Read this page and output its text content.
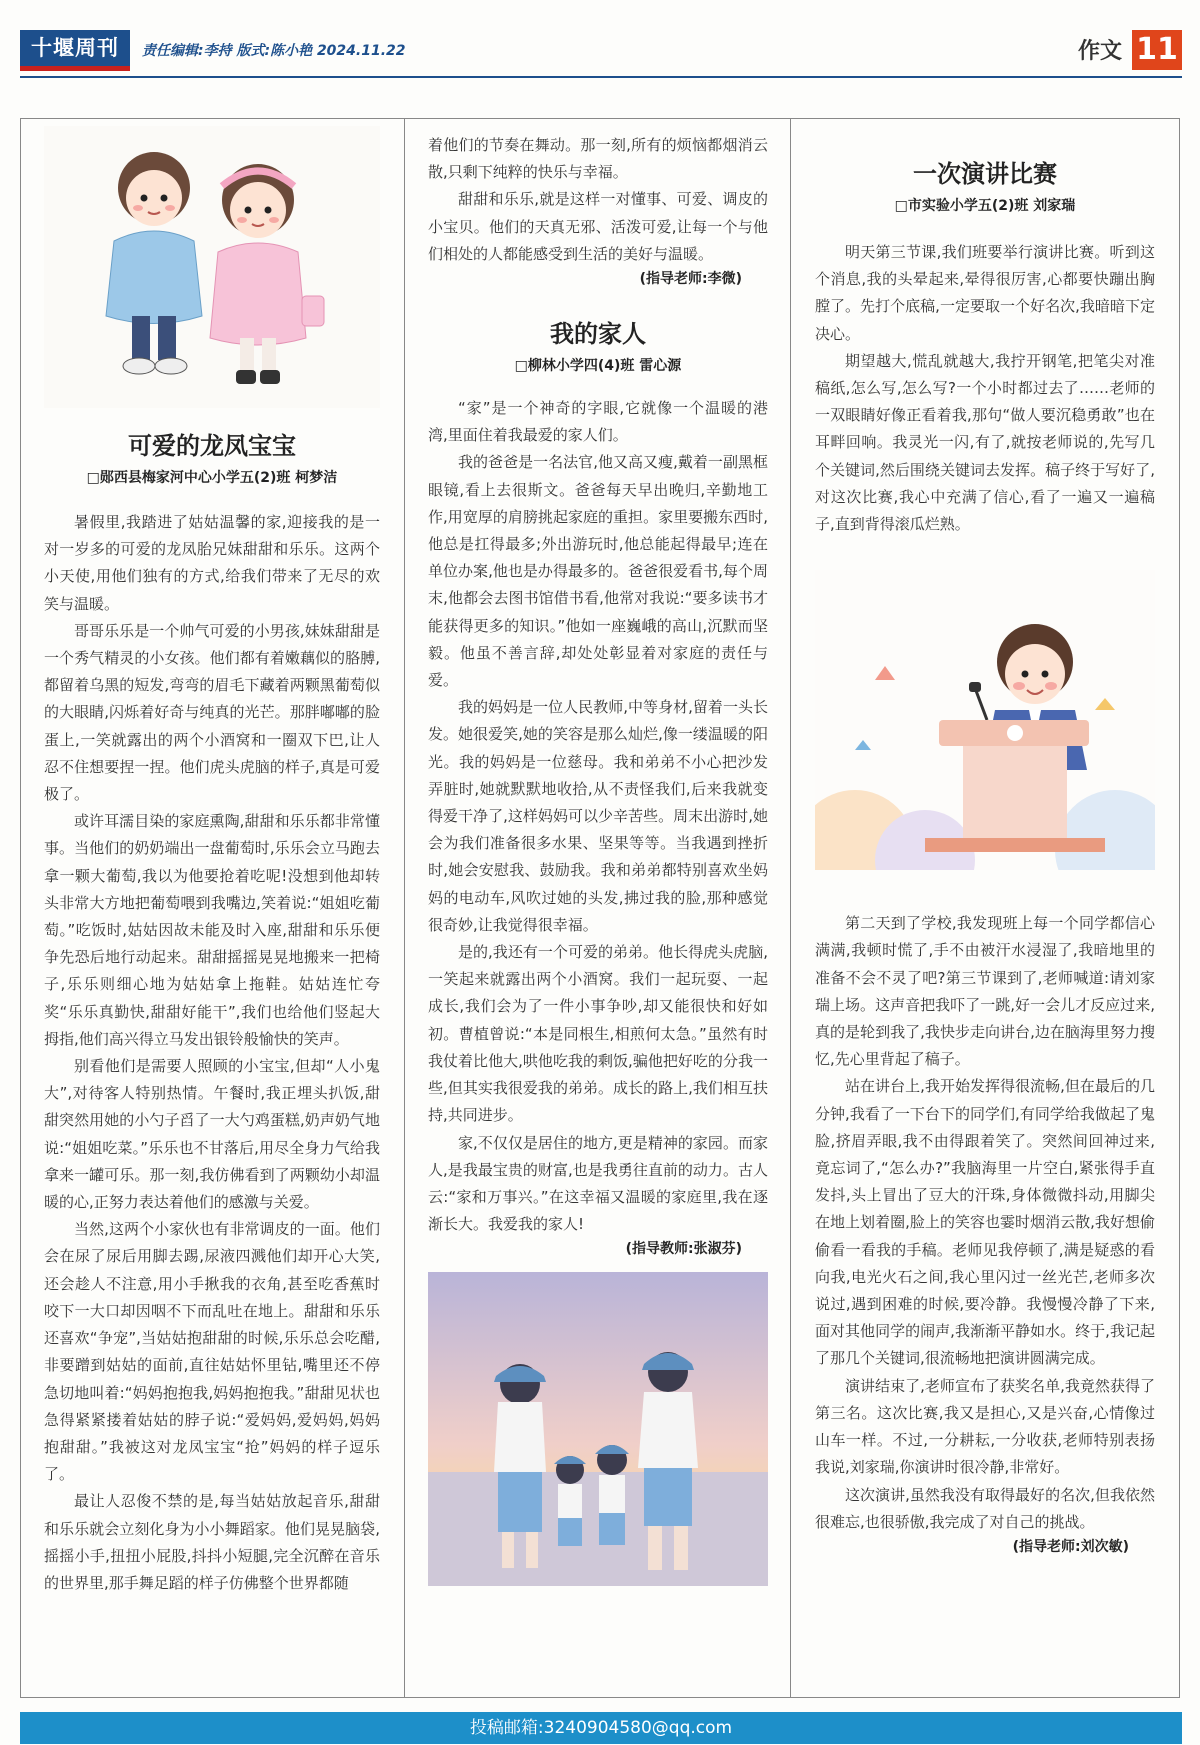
十堰周刊	责任编辑:李持 版式:陈小艳 2024.11.22	作文 11
可爱的龙凤宝宝

□郧西县梅家河中心小学五(2)班 柯梦洁

暑假里,我踏进了姑姑温馨的家,迎接我的是一对一岁多的可爱的龙凤胎兄妹甜甜和乐乐。这两个小天使,用他们独有的方式,给我们带来了无尽的欢笑与温暖。

哥哥乐乐是一个帅气可爱的小男孩,妹妹甜甜是一个秀气精灵的小女孩。他们都有着嫩藕似的胳膊,都留着乌黑的短发,弯弯的眉毛下藏着两颗黑葡萄似的大眼睛,闪烁着好奇与纯真的光芒。那胖嘟嘟的脸蛋上,一笑就露出的两个小酒窝和一圈双下巴,让人忍不住想要捏一捏。他们虎头虎脑的样子,真是可爱极了。

或许耳濡目染的家庭熏陶,甜甜和乐乐都非常懂事。当他们的奶奶端出一盘葡萄时,乐乐会立马跑去拿一颗大葡萄,我以为他要抢着吃呢!没想到他却转头非常大方地把葡萄喂到我嘴边,笑着说:“姐姐吃葡萄。”吃饭时,姑姑因故未能及时入座,甜甜和乐乐便争先恐后地行动起来。甜甜摇摇晃晃地搬来一把椅子,乐乐则细心地为姑姑拿上拖鞋。姑姑连忙夸奖“乐乐真勤快,甜甜好能干”,我们也给他们竖起大拇指,他们高兴得立马发出银铃般愉快的笑声。

别看他们是需要人照顾的小宝宝,但却“人小鬼大”,对待客人特别热情。午餐时,我正埋头扒饭,甜甜突然用她的小勺子舀了一大勺鸡蛋糕,奶声奶气地说:“姐姐吃菜。”乐乐也不甘落后,用尽全身力气给我拿来一罐可乐。那一刻,我仿佛看到了两颗幼小却温暖的心,正努力表达着他们的感激与关爱。

当然,这两个小家伙也有非常调皮的一面。他们会在尿了尿后用脚去踢,尿液四溅他们却开心大笑,还会趁人不注意,用小手揪我的衣角,甚至吃香蕉时咬下一大口却因咽不下而乱吐在地上。甜甜和乐乐还喜欢“争宠”,当姑姑抱甜甜的时候,乐乐总会吃醋,非要蹭到姑姑的面前,直往姑姑怀里钻,嘴里还不停急切地叫着:“妈妈抱抱我,妈妈抱抱我。”甜甜见状也急得紧紧搂着姑姑的脖子说:“爱妈妈,爱妈妈,妈妈抱甜甜。”我被这对龙凤宝宝“抢”妈妈的样子逗乐了。

最让人忍俊不禁的是,每当姑姑放起音乐,甜甜和乐乐就会立刻化身为小小舞蹈家。他们晃晃脑袋,摇摇小手,扭扭小屁股,抖抖小短腿,完全沉醉在音乐的世界里,那手舞足蹈的样子仿佛整个世界都随

着他们的节奏在舞动。那一刻,所有的烦恼都烟消云散,只剩下纯粹的快乐与幸福。

甜甜和乐乐,就是这样一对懂事、可爱、调皮的小宝贝。他们的天真无邪、活泼可爱,让每一个与他们相处的人都能感受到生活的美好与温暖。

(指导老师:李微)

我的家人

□柳林小学四(4)班 雷心源

“家”是一个神奇的字眼,它就像一个温暖的港湾,里面住着我最爱的家人们。

我的爸爸是一名法官,他又高又瘦,戴着一副黑框眼镜,看上去很斯文。爸爸每天早出晚归,辛勤地工作,用宽厚的肩膀挑起家庭的重担。家里要搬东西时,他总是扛得最多;外出游玩时,他总能起得最早;连在单位办案,他也是办得最多的。爸爸很爱看书,每个周末,他都会去图书馆借书看,他常对我说:“要多读书才能获得更多的知识。”他如一座巍峨的高山,沉默而坚毅。他虽不善言辞,却处处彰显着对家庭的责任与爱。

我的妈妈是一位人民教师,中等身材,留着一头长发。她很爱笑,她的笑容是那么灿烂,像一缕温暖的阳光。我的妈妈是一位慈母。我和弟弟不小心把沙发弄脏时,她就默默地收拾,从不责怪我们,后来我就变得爱干净了,这样妈妈可以少辛苦些。周末出游时,她会为我们准备很多水果、坚果等等。当我遇到挫折时,她会安慰我、鼓励我。我和弟弟都特别喜欢坐妈妈的电动车,风吹过她的头发,拂过我的脸,那种感觉很奇妙,让我觉得很幸福。

是的,我还有一个可爱的弟弟。他长得虎头虎脑,一笑起来就露出两个小酒窝。我们一起玩耍、一起成长,我们会为了一件小事争吵,却又能很快和好如初。曹植曾说:“本是同根生,相煎何太急。”虽然有时我仗着比他大,哄他吃我的剩饭,骗他把好吃的分我一些,但其实我很爱我的弟弟。成长的路上,我们相互扶持,共同进步。

家,不仅仅是居住的地方,更是精神的家园。而家人,是我最宝贵的财富,也是我勇往直前的动力。古人云:“家和万事兴。”在这幸福又温暖的家庭里,我在逐渐长大。我爱我的家人!

(指导教师:张淑芬)

一次演讲比赛

□市实验小学五(2)班 刘家瑞

明天第三节课,我们班要举行演讲比赛。听到这个消息,我的头晕起来,晕得很厉害,心都要快蹦出胸膛了。先打个底稿,一定要取一个好名次,我暗暗下定决心。

期望越大,慌乱就越大,我拧开钢笔,把笔尖对准稿纸,怎么写,怎么写?一个小时都过去了……老师的一双眼睛好像正看着我,那句“做人要沉稳勇敢”也在耳畔回响。我灵光一闪,有了,就按老师说的,先写几个关键词,然后围绕关键词去发挥。稿子终于写好了,对这次比赛,我心中充满了信心,看了一遍又一遍稿子,直到背得滚瓜烂熟。

第二天到了学校,我发现班上每一个同学都信心满满,我顿时慌了,手不由被汗水浸湿了,我暗地里的准备不会不灵了吧?第三节课到了,老师喊道:请刘家瑞上场。这声音把我吓了一跳,好一会儿才反应过来,真的是轮到我了,我快步走向讲台,边在脑海里努力搜忆,先心里背起了稿子。

站在讲台上,我开始发挥得很流畅,但在最后的几分钟,我看了一下台下的同学们,有同学给我做起了鬼脸,挤眉弄眼,我不由得跟着笑了。突然间回神过来,竟忘词了,“怎么办?”我脑海里一片空白,紧张得手直发抖,头上冒出了豆大的汗珠,身体微微抖动,用脚尖在地上划着圈,脸上的笑容也霎时烟消云散,我好想偷偷看一看我的手稿。老师见我停顿了,满是疑惑的看向我,电光火石之间,我心里闪过一丝光芒,老师多次说过,遇到困难的时候,要冷静。我慢慢冷静了下来,面对其他同学的闹声,我渐渐平静如水。终于,我记起了那几个关键词,很流畅地把演讲圆满完成。

演讲结束了,老师宣布了获奖名单,我竟然获得了第三名。这次比赛,我又是担心,又是兴奋,心情像过山车一样。不过,一分耕耘,一分收获,老师特别表扬我说,刘家瑞,你演讲时很冷静,非常好。

这次演讲,虽然我没有取得最好的名次,但我依然很难忘,也很骄傲,我完成了对自己的挑战。

(指导老师:刘次敏)

投稿邮箱:3240904580@qq.com
